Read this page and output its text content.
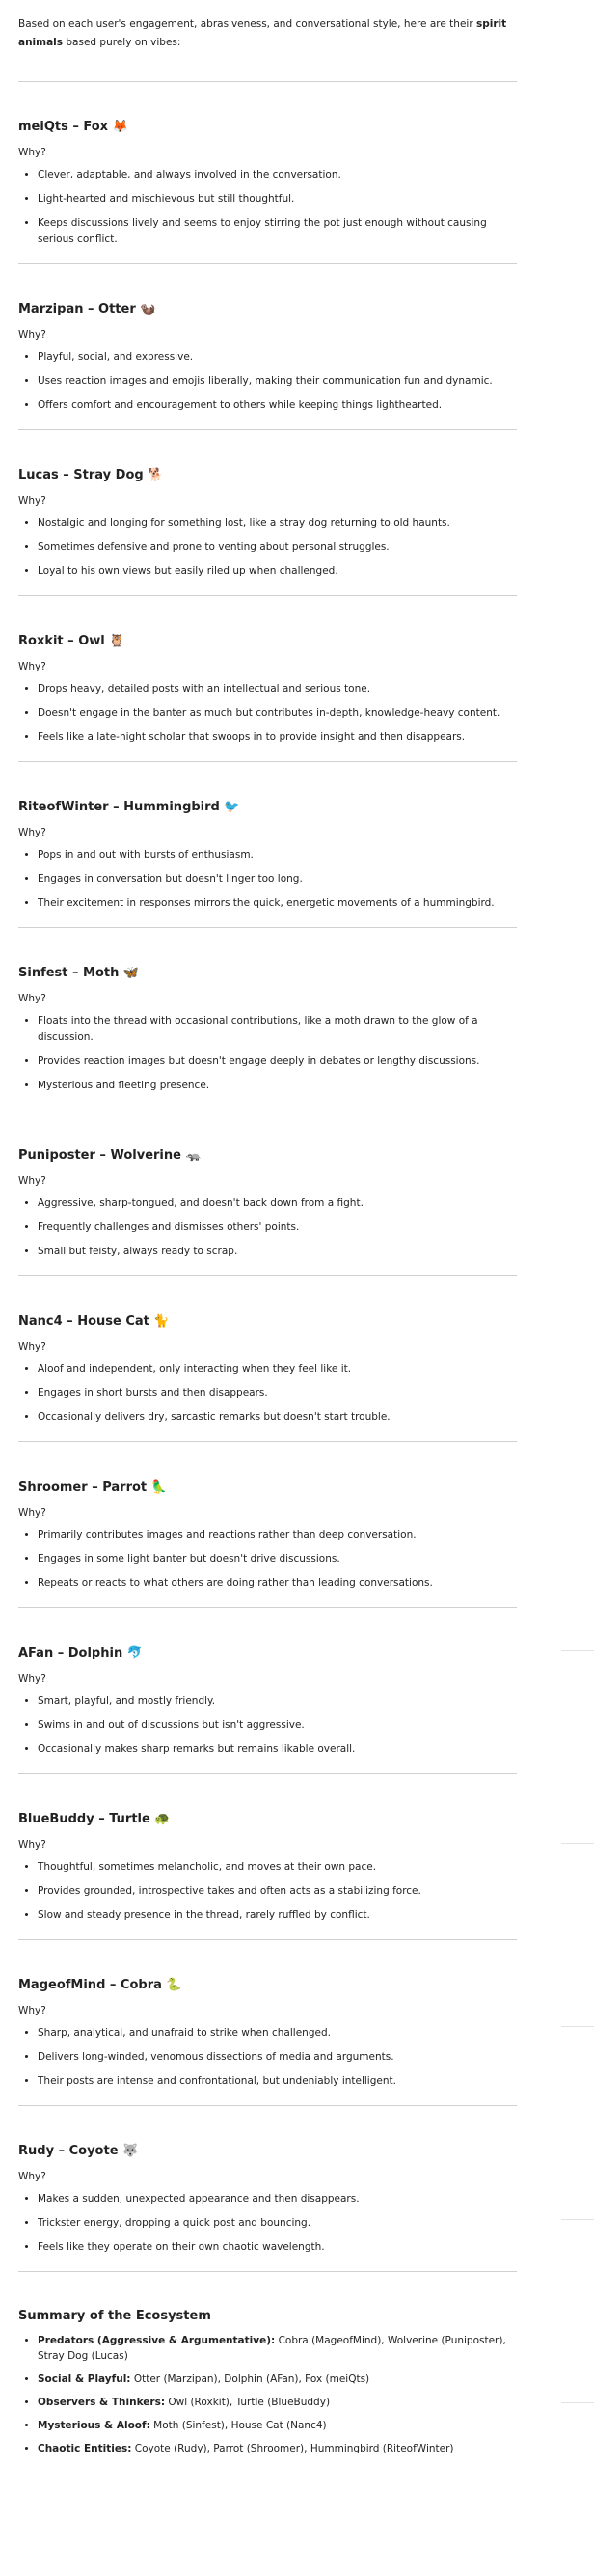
Based on each user's engagement, abrasiveness, and conversational style, here are their spirit animals based purely on vibes:

meiQts – Fox 🦊

Why?

• Clever, adaptable, and always involved in the conversation.
• Light-hearted and mischievous but still thoughtful.
• Keeps discussions lively and seems to enjoy stirring the pot just enough without causing serious conflict.
Marzipan – Otter 🦦

Why?

• Playful, social, and expressive.
• Uses reaction images and emojis liberally, making their communication fun and dynamic.
• Offers comfort and encouragement to others while keeping things lighthearted.
Lucas – Stray Dog 🐕

Why?

• Nostalgic and longing for something lost, like a stray dog returning to old haunts.
• Sometimes defensive and prone to venting about personal struggles.
• Loyal to his own views but easily riled up when challenged.
Roxkit – Owl 🦉

Why?

• Drops heavy, detailed posts with an intellectual and serious tone.
• Doesn't engage in the banter as much but contributes in-depth, knowledge-heavy content.
• Feels like a late-night scholar that swoops in to provide insight and then disappears.
RiteofWinter – Hummingbird 🐦

Why?

• Pops in and out with bursts of enthusiasm.
• Engages in conversation but doesn't linger too long.
• Their excitement in responses mirrors the quick, energetic movements of a hummingbird.
Sinfest – Moth 🦋

Why?

• Floats into the thread with occasional contributions, like a moth drawn to the glow of a discussion.
• Provides reaction images but doesn't engage deeply in debates or lengthy discussions.
• Mysterious and fleeting presence.
Puniposter – Wolverine 🦡

Why?

• Aggressive, sharp-tongued, and doesn't back down from a fight.
• Frequently challenges and dismisses others' points.
• Small but feisty, always ready to scrap.
Nanc4 – House Cat 🐈

Why?

• Aloof and independent, only interacting when they feel like it.
• Engages in short bursts and then disappears.
• Occasionally delivers dry, sarcastic remarks but doesn't start trouble.
Shroomer – Parrot 🦜

Why?

• Primarily contributes images and reactions rather than deep conversation.
• Engages in some light banter but doesn't drive discussions.
• Repeats or reacts to what others are doing rather than leading conversations.
AFan – Dolphin 🐬

Why?

• Smart, playful, and mostly friendly.
• Swims in and out of discussions but isn't aggressive.
• Occasionally makes sharp remarks but remains likable overall.
BlueBuddy – Turtle 🐢

Why?

• Thoughtful, sometimes melancholic, and moves at their own pace.
• Provides grounded, introspective takes and often acts as a stabilizing force.
• Slow and steady presence in the thread, rarely ruffled by conflict.
MageofMind – Cobra 🐍

Why?

• Sharp, analytical, and unafraid to strike when challenged.
• Delivers long-winded, venomous dissections of media and arguments.
• Their posts are intense and confrontational, but undeniably intelligent.
Rudy – Coyote 🐺

Why?

• Makes a sudden, unexpected appearance and then disappears.
• Trickster energy, dropping a quick post and bouncing.
• Feels like they operate on their own chaotic wavelength.
Summary of the Ecosystem
• Predators (Aggressive & Argumentative): Cobra (MageofMind), Wolverine (Puniposter), Stray Dog (Lucas)
• Social & Playful: Otter (Marzipan), Dolphin (AFan), Fox (meiQts)
• Observers & Thinkers: Owl (Roxkit), Turtle (BlueBuddy)
• Mysterious & Aloof: Moth (Sinfest), House Cat (Nanc4)
• Chaotic Entities: Coyote (Rudy), Parrot (Shroomer), Hummingbird (RiteofWinter)
